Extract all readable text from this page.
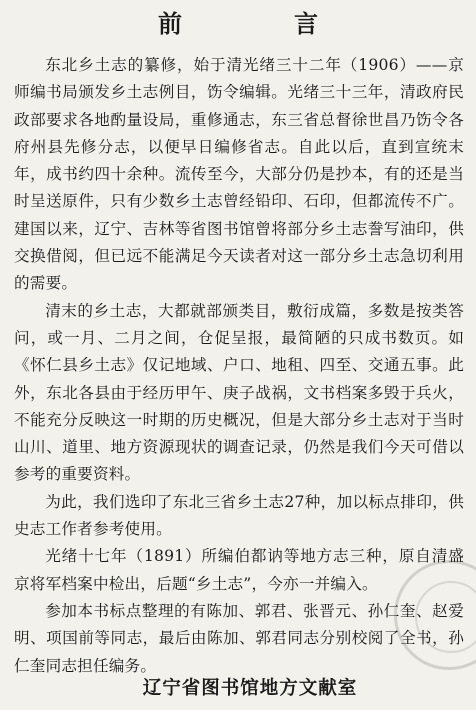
前　言

东北乡土志的纂修，始于清光绪三十二年（1906）——京师编书局颁发乡土志例目，饬令编辑。光绪三十三年，清政府民政部要求各地酌量设局，重修通志，东三省总督徐世昌乃饬令各府州县先修分志，以便早日编修省志。自此以后，直到宣统末年，成书约四十余种。流传至今，大部分仍是抄本，有的还是当时呈送原件，只有少数乡土志曾经铅印、石印，但都流传不广。建国以来，辽宁、吉林等省图书馆曾将部分乡土志誊写油印，供交换借阅，但已远不能满足今天读者对这一部分乡土志急切利用的需要。

清末的乡土志，大都就部颁类目，敷衍成篇，多数是按类答问，或一月、二月之间，仓促呈报，最简陋的只成书数页。如《怀仁县乡土志》仅记地域、户口、地租、四至、交通五事。此外，东北各县由于经历甲午、庚子战祸，文书档案多毁于兵火，不能充分反映这一时期的历史概况，但是大部分乡土志对于当时山川、道里、地方资源现状的调查记录，仍然是我们今天可借以参考的重要资料。

为此，我们选印了东北三省乡土志27种，加以标点排印，供史志工作者参考使用。

光绪十七年（1891）所编伯都讷等地方志三种，原自清盛京将军档案中检出，后题“乡土志”，今亦一并编入。

参加本书标点整理的有陈加、郭君、张晋元、孙仁奎、赵爱明、项国前等同志，最后由陈加、郭君同志分别校阅了全书，孙仁奎同志担任编务。

辽宁省图书馆地方文献室
